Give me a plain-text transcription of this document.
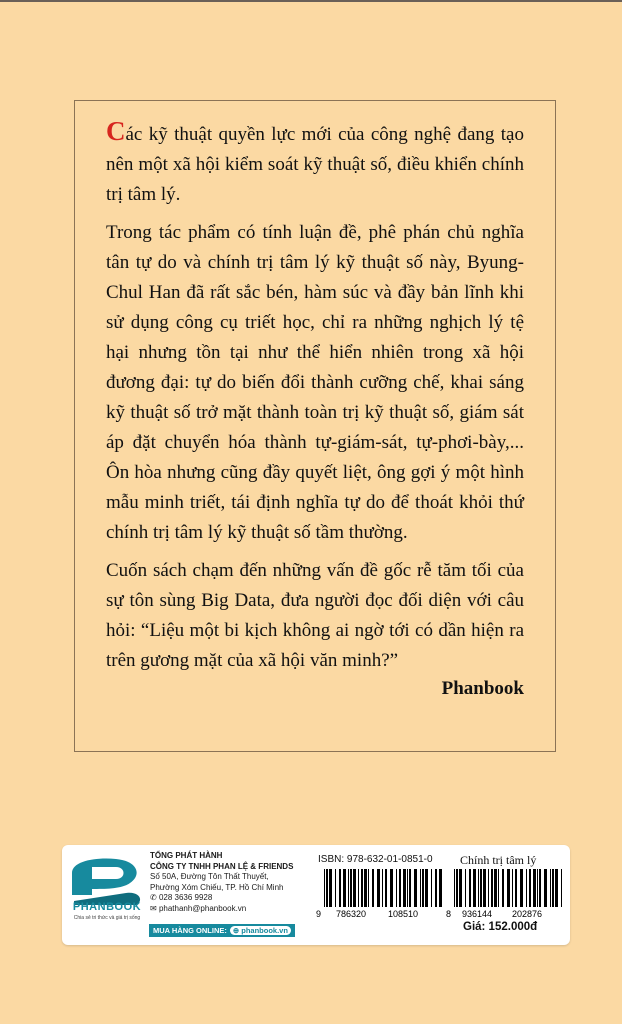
Các kỹ thuật quyền lực mới của công nghệ đang tạo nên một xã hội kiểm soát kỹ thuật số, điều khiển chính trị tâm lý.

Trong tác phẩm có tính luận đề, phê phán chủ nghĩa tân tự do và chính trị tâm lý kỹ thuật số này, Byung-Chul Han đã rất sắc bén, hàm súc và đầy bản lĩnh khi sử dụng công cụ triết học, chỉ ra những nghịch lý tệ hại nhưng tồn tại như thể hiển nhiên trong xã hội đương đại: tự do biến đổi thành cưỡng chế, khai sáng kỹ thuật số trở mặt thành toàn trị kỹ thuật số, giám sát áp đặt chuyển hóa thành tự-giám-sát, tự-phơi-bày,... Ôn hòa nhưng cũng đầy quyết liệt, ông gợi ý một hình mẫu minh triết, tái định nghĩa tự do để thoát khỏi thứ chính trị tâm lý kỹ thuật số tầm thường.

Cuốn sách chạm đến những vấn đề gốc rễ tăm tối của sự tôn sùng Big Data, đưa người đọc đối diện với câu hỏi: “Liệu một bi kịch không ai ngờ tới có dần hiện ra trên gương mặt của xã hội văn minh?”

Phanbook
PHANBOOK
Chia sẻ tri thức và giá trị sống
TỔNG PHÁT HÀNH
CÔNG TY TNHH PHAN LỆ & FRIENDS
Số 50A, Đường Tôn Thất Thuyết,
Phường Xóm Chiếu, TP. Hồ Chí Minh
✆ 028 3636 9928
✉ phathanh@phanbook.vn
MUA HÀNG ONLINE: ⊕ phanbook.vn
ISBN: 978-632-01-0851-0 Chính trị tâm lý
9 786320 108510	8 936144 202876
Giá: 152.000đ
